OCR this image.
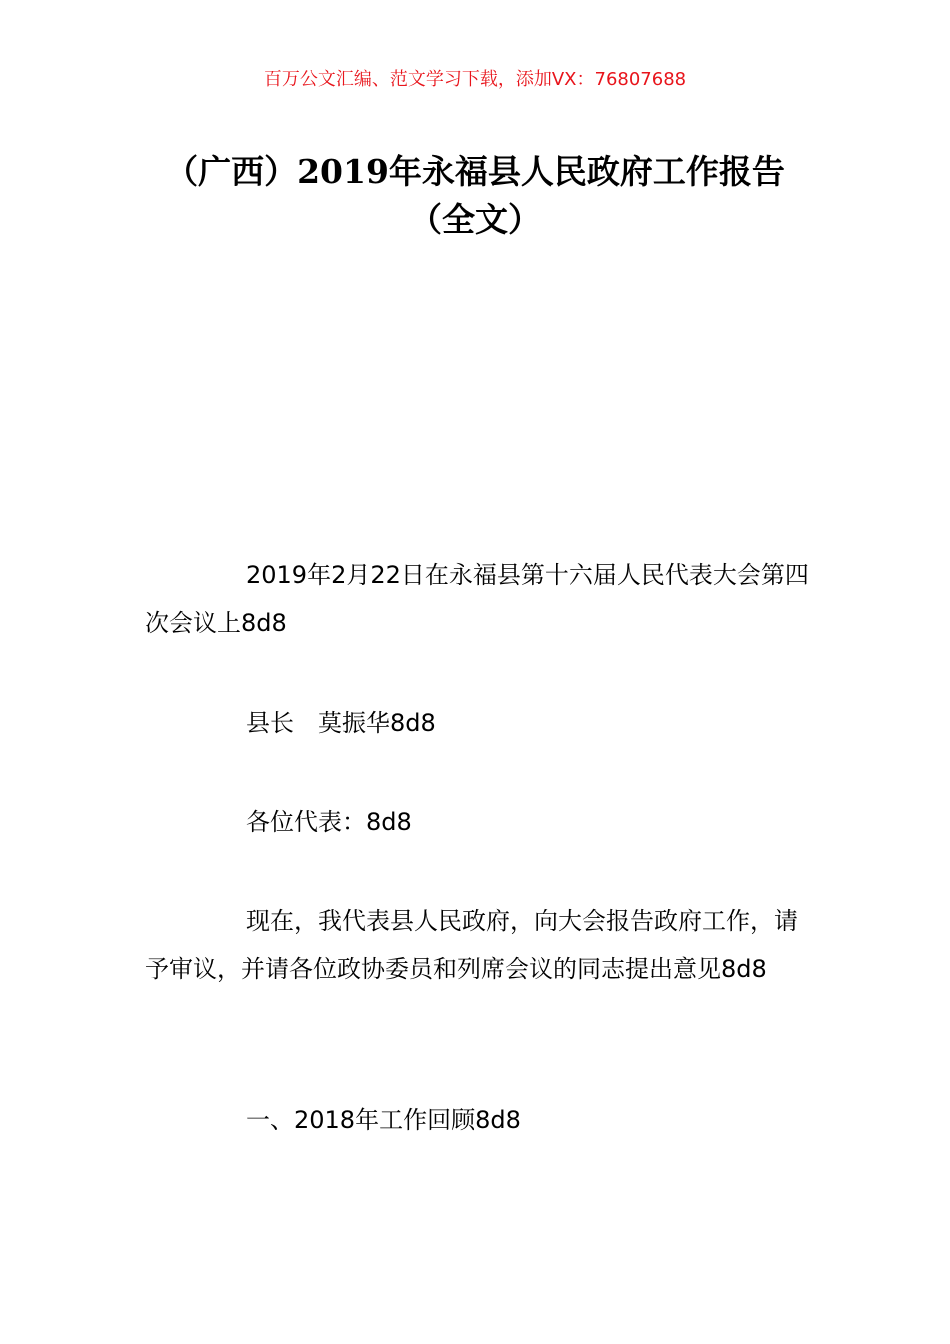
百万公文汇编、范文学习下载，添加VX：76807688
（广西）2019年永福县人民政府工作报告
（全文）

2019年2月22日在永福县第十六届人民代表大会第四次会议上8d8

县长　莫振华8d8

各位代表：8d8

现在，我代表县人民政府，向大会报告政府工作，请予审议，并请各位政协委员和列席会议的同志提出意见8d8

一、2018年工作回顾8d8
